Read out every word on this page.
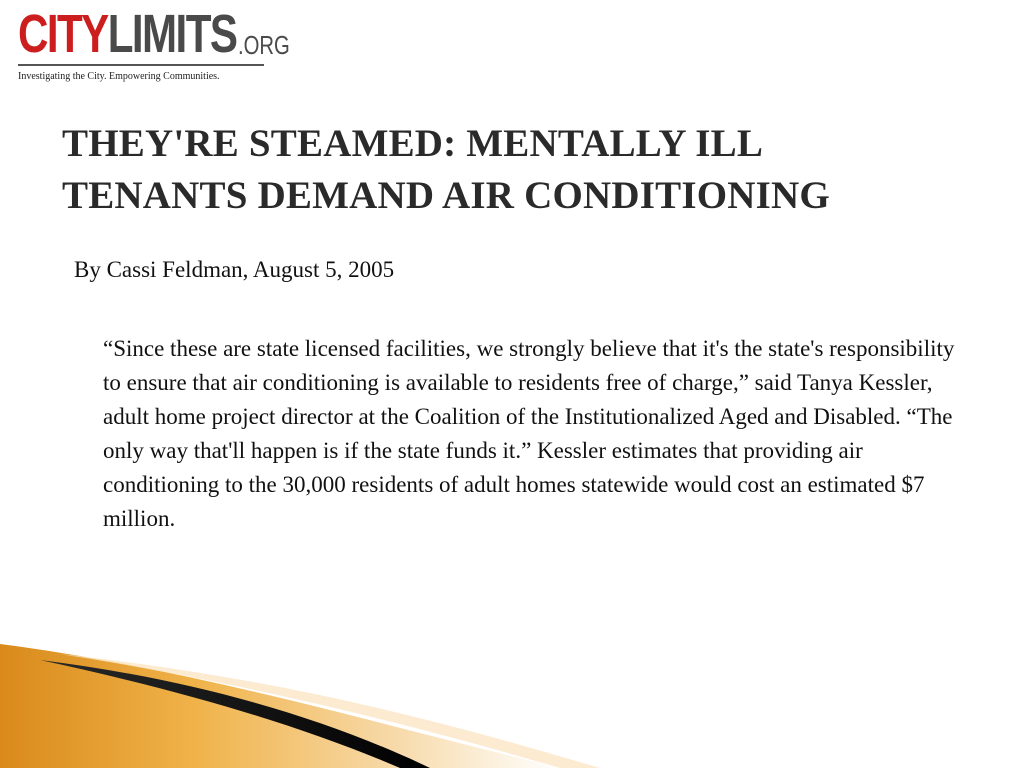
CITY LIMITS .ORG
Investigating the City. Empowering Communities.
THEY'RE STEAMED: MENTALLY ILL
TENANTS DEMAND AIR CONDITIONING

By Cassi Feldman, August 5, 2005

“Since these are state licensed facilities, we strongly believe that it's the state's responsibility to ensure that air conditioning is available to residents free of charge,” said Tanya Kessler, adult home project director at the Coalition of the Institutionalized Aged and Disabled. “The only way that'll happen is if the state funds it.” Kessler estimates that providing air conditioning to the 30,000 residents of adult homes statewide would cost an estimated $7 million.
